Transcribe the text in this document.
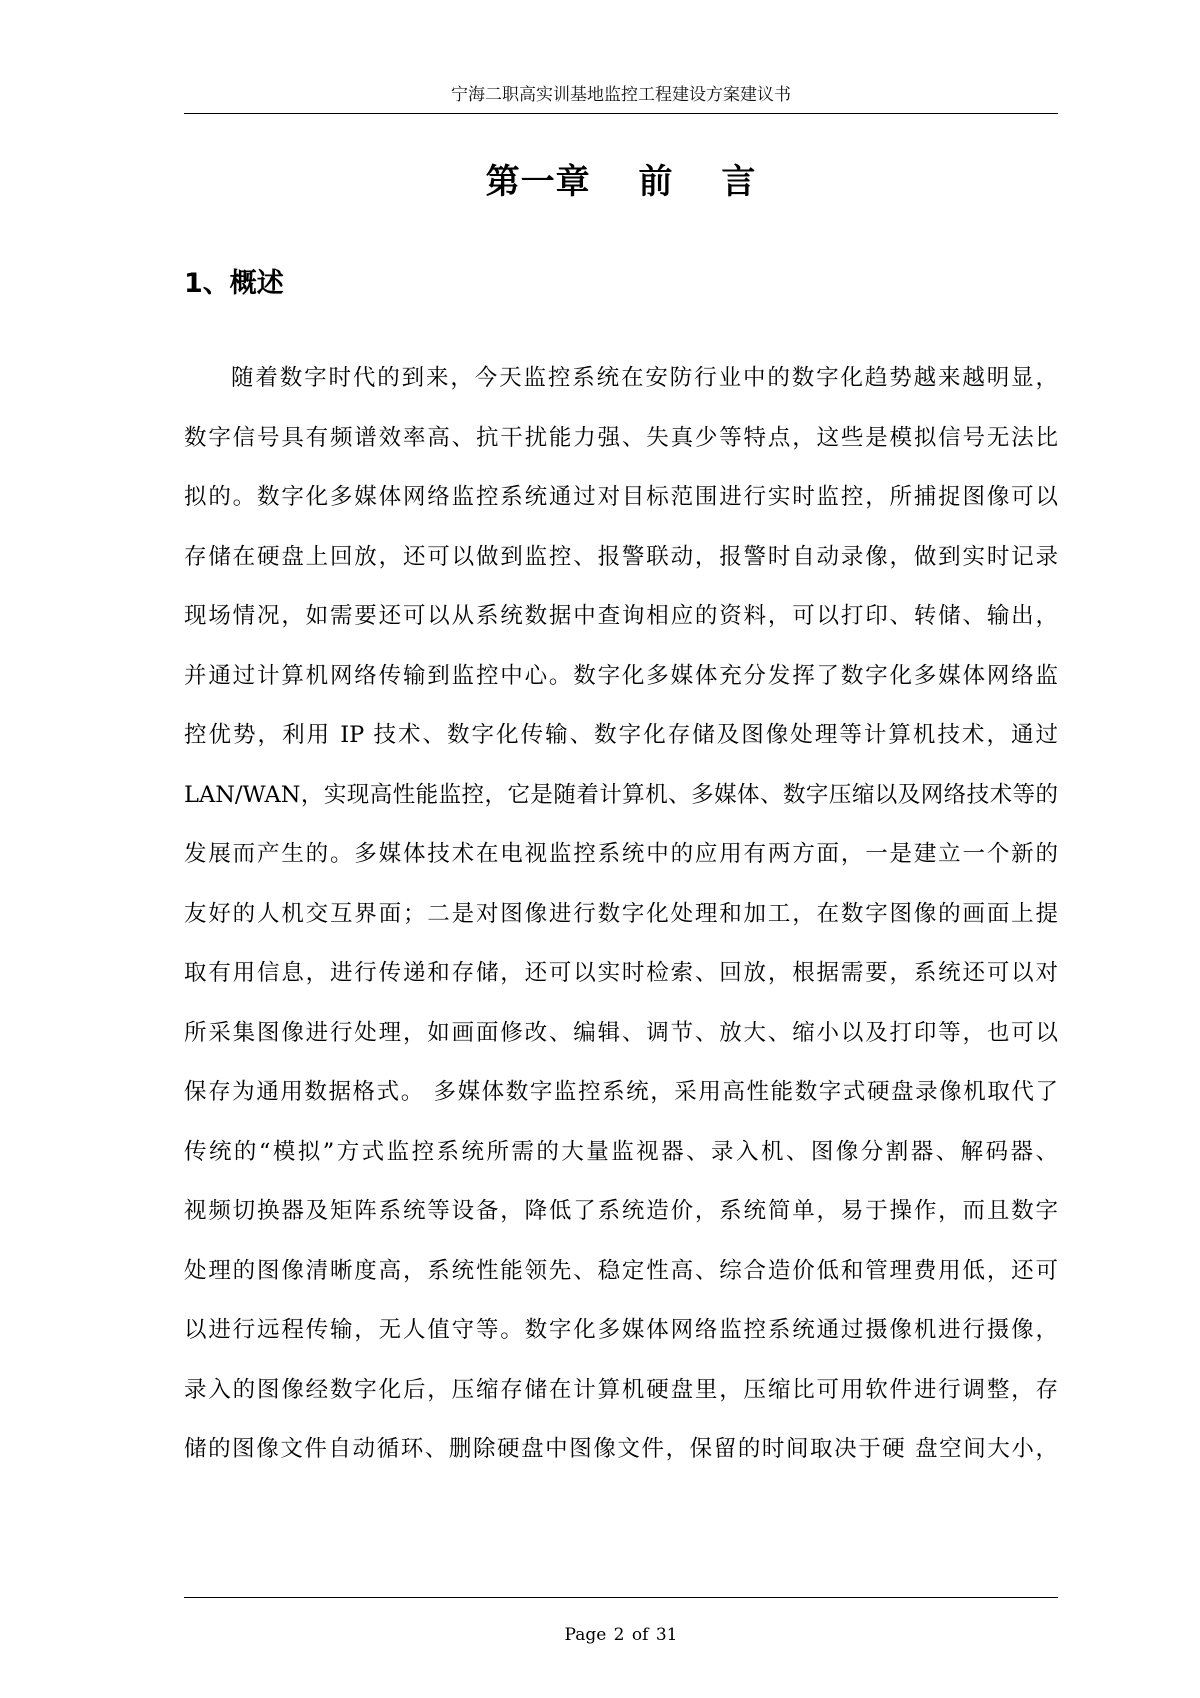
宁海二职高实训基地监控工程建设方案建议书
第一章　 前　 言
1、概述
随着数字时代的到来，今天监控系统在安防行业中的数字化趋势越来越明显，
数字信号具有频谱效率高、抗干扰能力强、失真少等特点，这些是模拟信号无法比
拟的。数字化多媒体网络监控系统通过对目标范围进行实时监控，所捕捉图像可以
存储在硬盘上回放，还可以做到监控、报警联动，报警时自动录像，做到实时记录
现场情况，如需要还可以从系统数据中查询相应的资料，可以打印、转储、输出，
并通过计算机网络传输到监控中心。数字化多媒体充分发挥了数字化多媒体网络监
控优势，利用 IP 技术、数字化传输、数字化存储及图像处理等计算机技术，通过
LAN/WAN，实现高性能监控，它是随着计算机、多媒体、数字压缩以及网络技术等的
发展而产生的。多媒体技术在电视监控系统中的应用有两方面，一是建立一个新的
友好的人机交互界面；二是对图像进行数字化处理和加工，在数字图像的画面上提
取有用信息，进行传递和存储，还可以实时检索、回放，根据需要，系统还可以对
所采集图像进行处理，如画面修改、编辑、调节、放大、缩小以及打印等，也可以
保存为通用数据格式。 多媒体数字监控系统，采用高性能数字式硬盘录像机取代了
传统的“模拟”方式监控系统所需的大量监视器、录入机、图像分割器、解码器、
视频切换器及矩阵系统等设备，降低了系统造价，系统简单，易于操作，而且数字
处理的图像清晰度高，系统性能领先、稳定性高、综合造价低和管理费用低，还可
以进行远程传输，无人值守等。数字化多媒体网络监控系统通过摄像机进行摄像，
录入的图像经数字化后，压缩存储在计算机硬盘里，压缩比可用软件进行调整，存
储的图像文件自动循环、删除硬盘中图像文件，保留的时间取决于硬 盘空间大小，
Page 2 of 31
